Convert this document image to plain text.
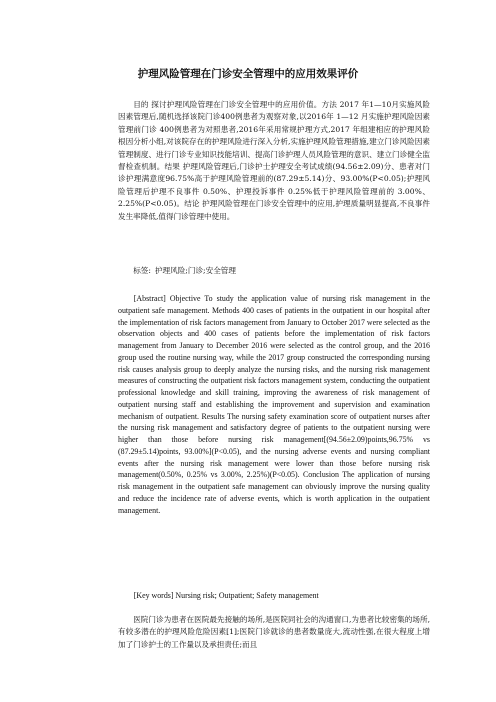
护理风险管理在门诊安全管理中的应用效果评价

目的 探讨护理风险管理在门诊安全管理中的应用价值。方法 2017 年1—10月实施风险因素管理后,随机选择该院门诊400例患者为观察对象,以2016年 1—12 月实施护理风险因素管理前门诊 400例患者为对照患者,2016年采用常规护理方式,2017 年组建相应的护理风险根因分析小组,对该院存在的护理风险进行深入分析,实施护理风险管理措施,建立门诊风险因素管理制度、进行门诊专业知识技能培训、提高门诊护理人员风险管理的意识、建立门诊健全监督检查机制。结果 护理风险管理后,门诊护士护理安全考试成绩(94.56±2.09)分、患者对门诊护理满意度96.75%高于护理风险管理前的(87.29±5.14)分、93.00%(P<0.05);护理风险管理后护理不良事件 0.50%、护理投诉事件 0.25%低于护理风险管理前的 3.00%、2.25%(P<0.05)。结论 护理风险管理在门诊安全管理中的应用,护理质量明显提高,不良事件发生率降低,值得门诊管理中使用。

标签: 护理风险;门诊;安全管理

[Abstract] Objective To study the application value of nursing risk management in the outpatient safe management. Methods 400 cases of patients in the outpatient in our hospital after the implementation of risk factors management from January to October 2017 were selected as the observation objects and 400 cases of patients before the implementation of risk factors management from January to December 2016 were selected as the control group, and the 2016 group used the routine nursing way, while the 2017 group constructed the corresponding nursing risk causes analysis group to deeply analyze the nursing risks, and the nursing risk management measures of constructing the outpatient risk factors management system, conducting the outpatient professional knowledge and skill training, improving the awareness of risk management of outpatient nursing staff and establishing the improvement and supervision and examination mechanism of outpatient. Results The nursing safety examination score of outpatient nurses after the nursing risk management and satisfactory degree of patients to the outpatient nursing were higher than those before nursing risk management[(94.56±2.09)points,96.75% vs (87.29±5.14)points, 93.00%](P<0.05), and the nursing adverse events and nursing compliant events after the nursing risk management were lower than those before nursing risk management(0.50%, 0.25% vs 3.00%, 2.25%)(P<0.05). Conclusion The application of nursing risk management in the outpatient safe management can obviously improve the nursing quality and reduce the incidence rate of adverse events, which is worth application in the outpatient management.

[Key words] Nursing risk; Outpatient; Safety management

医院门诊为患者在医院最先接触的场所,是医院同社会的沟通窗口,为患者比较密集的场所,有较多潜在的护理风险危险因素[1];医院门诊就诊的患者数量庞大,流动性强,在很大程度上增加了门诊护士的工作量以及承担责任;而且
